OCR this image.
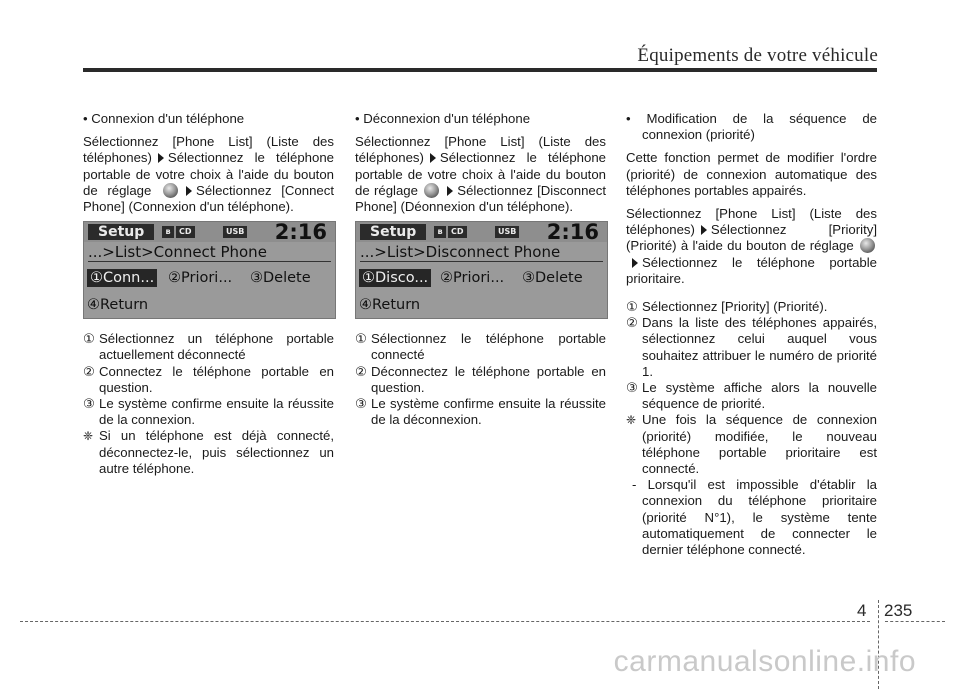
Équipements de votre véhicule

• Connexion d'un téléphone

Sélectionnez [Phone List] (Liste des téléphones) Sélectionnez le téléphone portable de votre choix à l'aide du bouton de réglage	Sélectionnez [Connect Phone] (Connexion d'un téléphone).

Setup	ʙ	CD	USB 2:16
...>List>Connect Phone
①Conn... ②Priori... ③Delete
④Return

① Sélectionnez un téléphone portable actuellement déconnecté

② Connectez le téléphone portable en question.

③ Le système confirme ensuite la réussite de la connexion.

❈ Si un téléphone est déjà connecté, déconnectez-le, puis sélectionnez un autre téléphone.

• Déconnexion d'un téléphone

Sélectionnez [Phone List] (Liste des téléphones) Sélectionnez le téléphone portable de votre choix à l'aide du bouton de réglage	Sélectionnez [Disconnect Phone] (Déonnexion d'un téléphone).

Setup	ʙ	CD	USB 2:16
...>List>Disconnect Phone
①Disco... ②Priori... ③Delete
④Return

① Sélectionnez le téléphone portable connecté

② Déconnectez le téléphone portable en question.

③ Le système confirme ensuite la réussite de la déconnexion.

• Modification de la séquence de connexion (priorité)

Cette fonction permet de modifier l'ordre (priorité) de connexion automatique des téléphones portables appairés.

Sélectionnez [Phone List] (Liste des téléphones) Sélectionnez [Priority] (Priorité) à l'aide du bouton de réglage Sélectionnez le téléphone portable prioritaire.

① Sélectionnez [Priority] (Priorité).

② Dans la liste des téléphones appairés, sélectionnez celui auquel vous souhaitez attribuer le numéro de priorité 1.

③ Le système affiche alors la nouvelle séquence de priorité.

❈ Une fois la séquence de connexion (priorité) modifiée, le nouveau téléphone portable prioritaire est connecté.

- Lorsqu'il est impossible d'établir la connexion du téléphone prioritaire (priorité N°1), le système tente automatiquement de connecter le dernier téléphone connecté.

4 235
carmanualsonline.info
